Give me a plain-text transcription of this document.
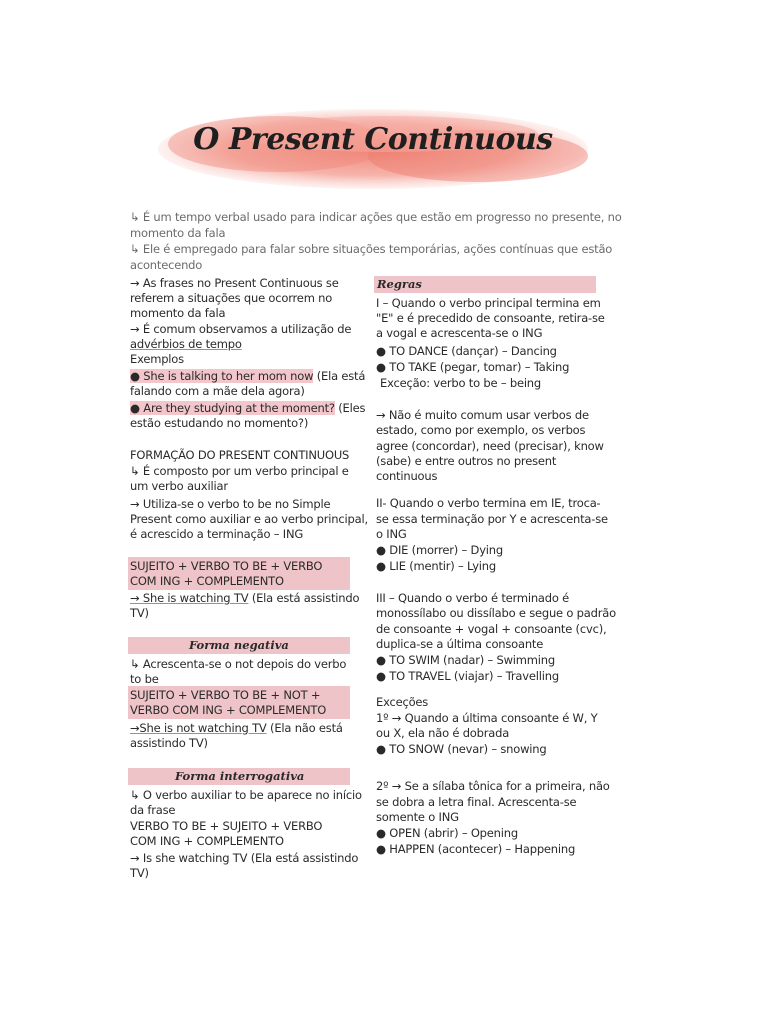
O Present Continuous
↳ É um tempo verbal usado para indicar ações que estão em progresso no presente, no
momento da fala
↳ Ele é empregado para falar sobre situações temporárias, ações contínuas que estão
acontecendo
→ As frases no Present Continuous se
referem a situações que ocorrem no
momento da fala
→ É comum observamos a utilização de
advérbios de tempo
Exemplos
● She is talking to her mom now (Ela está
falando com a mãe dela agora)
● Are they studying at the moment? (Eles
estão estudando no momento?)
FORMAÇÃO DO PRESENT CONTINUOUS
↳ É composto por um verbo principal e
um verbo auxiliar
→ Utiliza-se o verbo to be no Simple
Present como auxiliar e ao verbo principal,
é acrescido a terminação – ING
SUJEITO + VERBO TO BE + VERBO
COM ING + COMPLEMENTO
→ She is watching TV (Ela está assistindo
TV)
Forma negativa
↳ Acrescenta-se o not depois do verbo
to be
SUJEITO + VERBO TO BE + NOT +
VERBO COM ING + COMPLEMENTO
→She is not watching TV (Ela não está
assistindo TV)
Forma interrogativa
↳ O verbo auxiliar to be aparece no início
da frase
VERBO TO BE + SUJEITO + VERBO
COM ING + COMPLEMENTO
→ Is she watching TV (Ela está assistindo
TV)
Regras
I – Quando o verbo principal termina em
"E" e é precedido de consoante, retira-se
a vogal e acrescenta-se o ING
● TO DANCE (dançar) – Dancing
● TO TAKE (pegar, tomar) – Taking
Exceção: verbo to be – being
→ Não é muito comum usar verbos de
estado, como por exemplo, os verbos
agree (concordar), need (precisar), know
(sabe) e entre outros no present
continuous
II- Quando o verbo termina em IE, troca-
se essa terminação por Y e acrescenta-se
o ING
● DIE (morrer) – Dying
● LIE (mentir) – Lying
III – Quando o verbo é terminado é
monossílabo ou dissílabo e segue o padrão
de consoante + vogal + consoante (cvc),
duplica-se a última consoante
● TO SWIM (nadar) – Swimming
● TO TRAVEL (viajar) – Travelling
Exceções
1º → Quando a última consoante é W, Y
ou X, ela não é dobrada
● TO SNOW (nevar) – snowing
2º → Se a sílaba tônica for a primeira, não
se dobra a letra final. Acrescenta-se
somente o ING
● OPEN (abrir) – Opening
● HAPPEN (acontecer) – Happening
